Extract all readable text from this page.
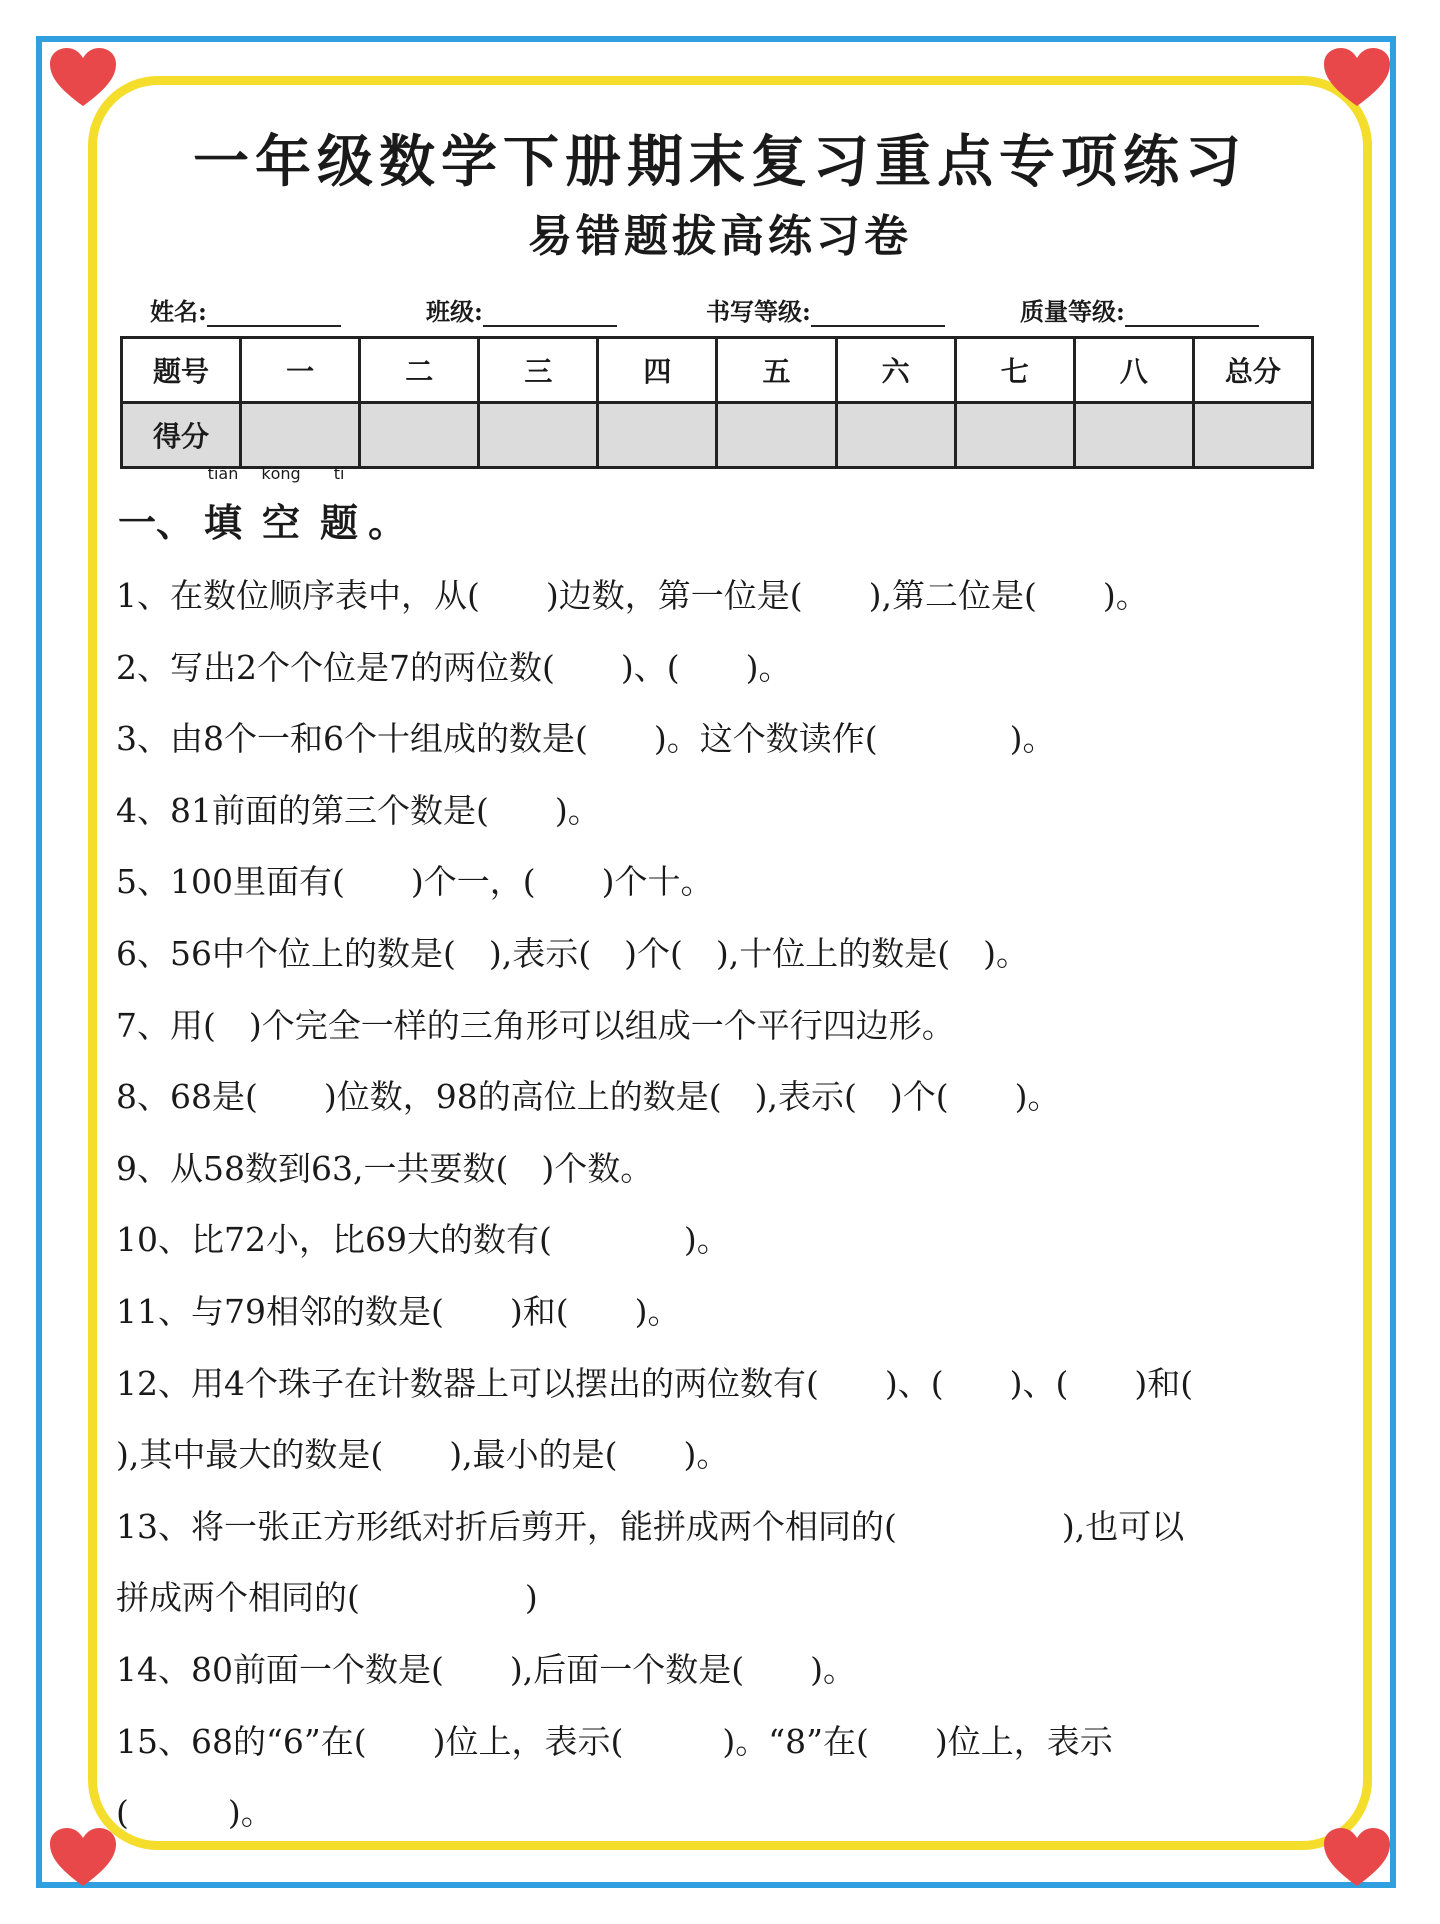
一年级数学下册期末复习重点专项练习
易错题拔高练习卷
姓名:	班级:	书写等级:	质量等级:
题号	一	二	三	四	五	六	七	八	总分
得分									
一、
tián
填
kōng
空
tí
题 。
1、在数位顺序表中，从(　　)边数，第一位是(　　),第二位是(　　)。
2、写出2个个位是7的两位数(　　)、(　　)。
3、由8个一和6个十组成的数是(　　)。这个数读作(　　　　)。
4、81前面的第三个数是(　　)。
5、100里面有(　　)个一，(　　)个十。
6、56中个位上的数是(　),表示(　)个(　),十位上的数是(　)。
7、用(　)个完全一样的三角形可以组成一个平行四边形。
8、68是(　　)位数，98的高位上的数是(　),表示(　)个(　　)。
9、从58数到63,一共要数(　)个数。
10、比72小，比69大的数有(　　　　)。
11、与79相邻的数是(　　)和(　　)。
12、用4个珠子在计数器上可以摆出的两位数有(　　)、(　　)、(　　)和(
),其中最大的数是(　　),最小的是(　　)。
13、将一张正方形纸对折后剪开，能拼成两个相同的(　　　　　),也可以
拼成两个相同的(　　　　　)
14、80前面一个数是(　　),后面一个数是(　　)。
15、68的“6”在(　　)位上，表示(　　　)。“8”在(　　)位上，表示
(　　　)。
